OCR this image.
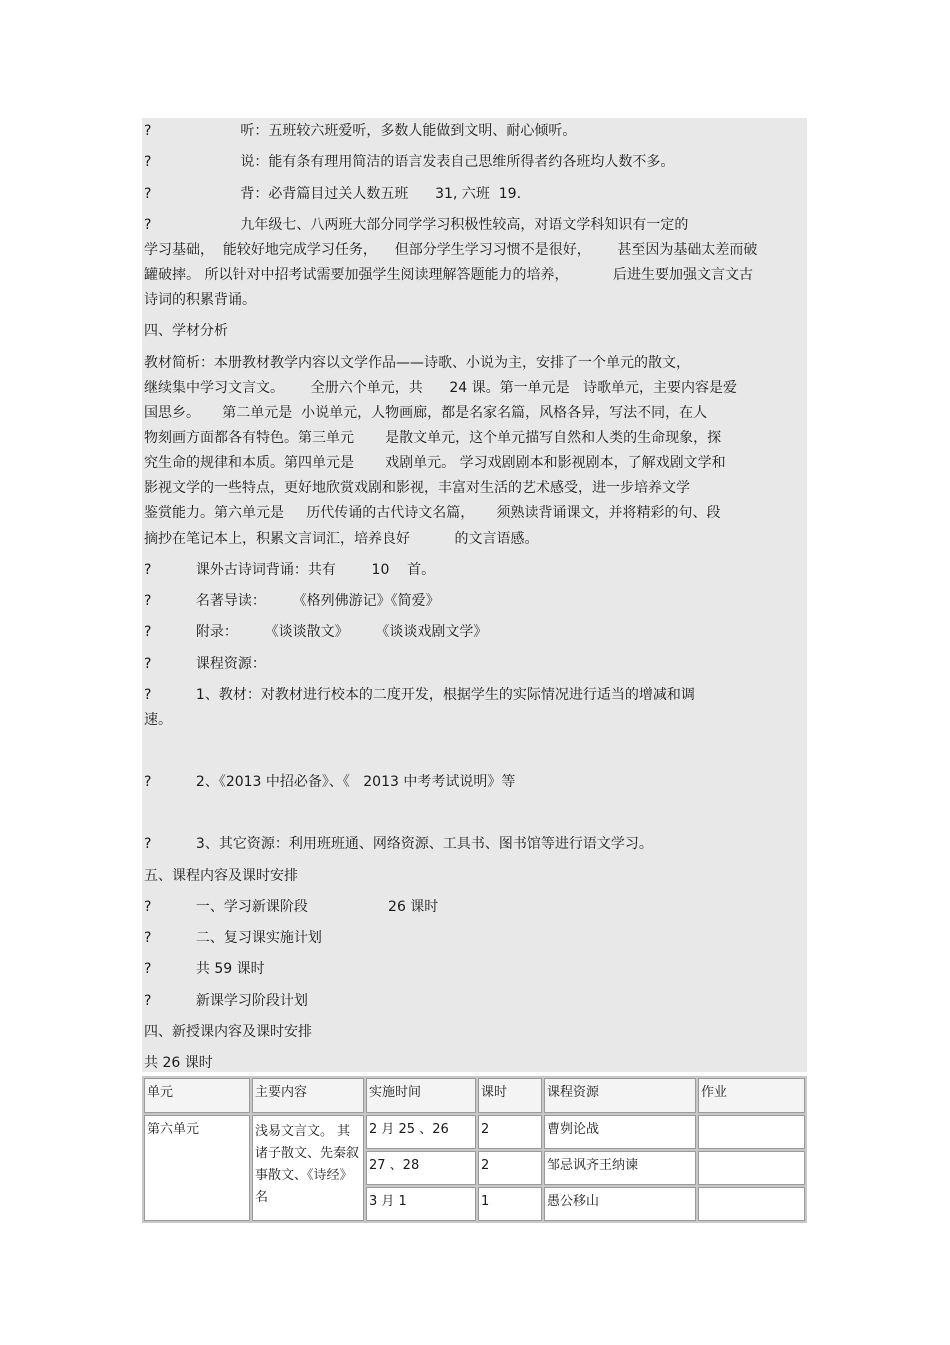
?                    听：五班较六班爱听，多数人能做到文明、耐心倾听。
?                    说：能有条有理用简洁的语言发表自己思维所得者约各班均人数不多。
?                    背：必背篇目过关人数五班      31, 六班  19.
?                    九年级七、八两班大部分同学学习积极性较高，对语文学科知识有一定的
学习基础，  能较好地完成学习任务，    但部分学生学习习惯不是很好，      甚至因为基础太差而破
罐破摔。 所以针对中招考试需要加强学生阅读理解答题能力的培养，          后进生要加强文言文古
诗词的积累背诵。
四、学材分析
教材简析：本册教材教学内容以文学作品——诗歌、小说为主，安排了一个单元的散文，
继续集中学习文言文。      全册六个单元，共      24 课。第一单元是   诗歌单元，主要内容是爱
国思乡。     第二单元是  小说单元，人物画廊，都是名家名篇，风格各异，写法不同，在人
物刻画方面都各有特色。第三单元       是散文单元，这个单元描写自然和人类的生命现象，探
究生命的规律和本质。第四单元是       戏剧单元。 学习戏剧剧本和影视剧本，了解戏剧文学和
影视文学的一些特点，更好地欣赏戏剧和影视，丰富对生活的艺术感受，进一步培养文学
鉴赏能力。第六单元是     历代传诵的古代诗文名篇，     须熟读背诵课文，并将精彩的句、段
摘抄在笔记本上，积累文言词汇，培养良好          的文言语感。
?          课外古诗词背诵：共有        10    首。
?          名著导读：      《格列佛游记》《简爱》
?          附录：      《谈谈散文》      《谈谈戏剧文学》
?          课程资源：
?          1、教材：对教材进行校本的二度开发，根据学生的实际情况进行适当的增减和调
速。
?          2、《2013 中招必备》、《   2013 中考考试说明》等
?          3、其它资源：利用班班通、网络资源、工具书、图书馆等进行语文学习。
五、课程内容及课时安排
?          一、学习新课阶段                  26 课时
?          二、复习课实施计划
?          共 59 课时
?          新课学习阶段计划
四、新授课内容及课时安排
共 26 课时
单元	主要内容	实施时间	课时	课程资源	作业
第六单元	浅易文言文。 其诸子散文、先秦叙事散文、《诗经》名	2 月 25 、26	2	曹刿论战	
		27 、28	2	邹忌讽齐王纳谏	
		3 月 1	1	愚公移山	
